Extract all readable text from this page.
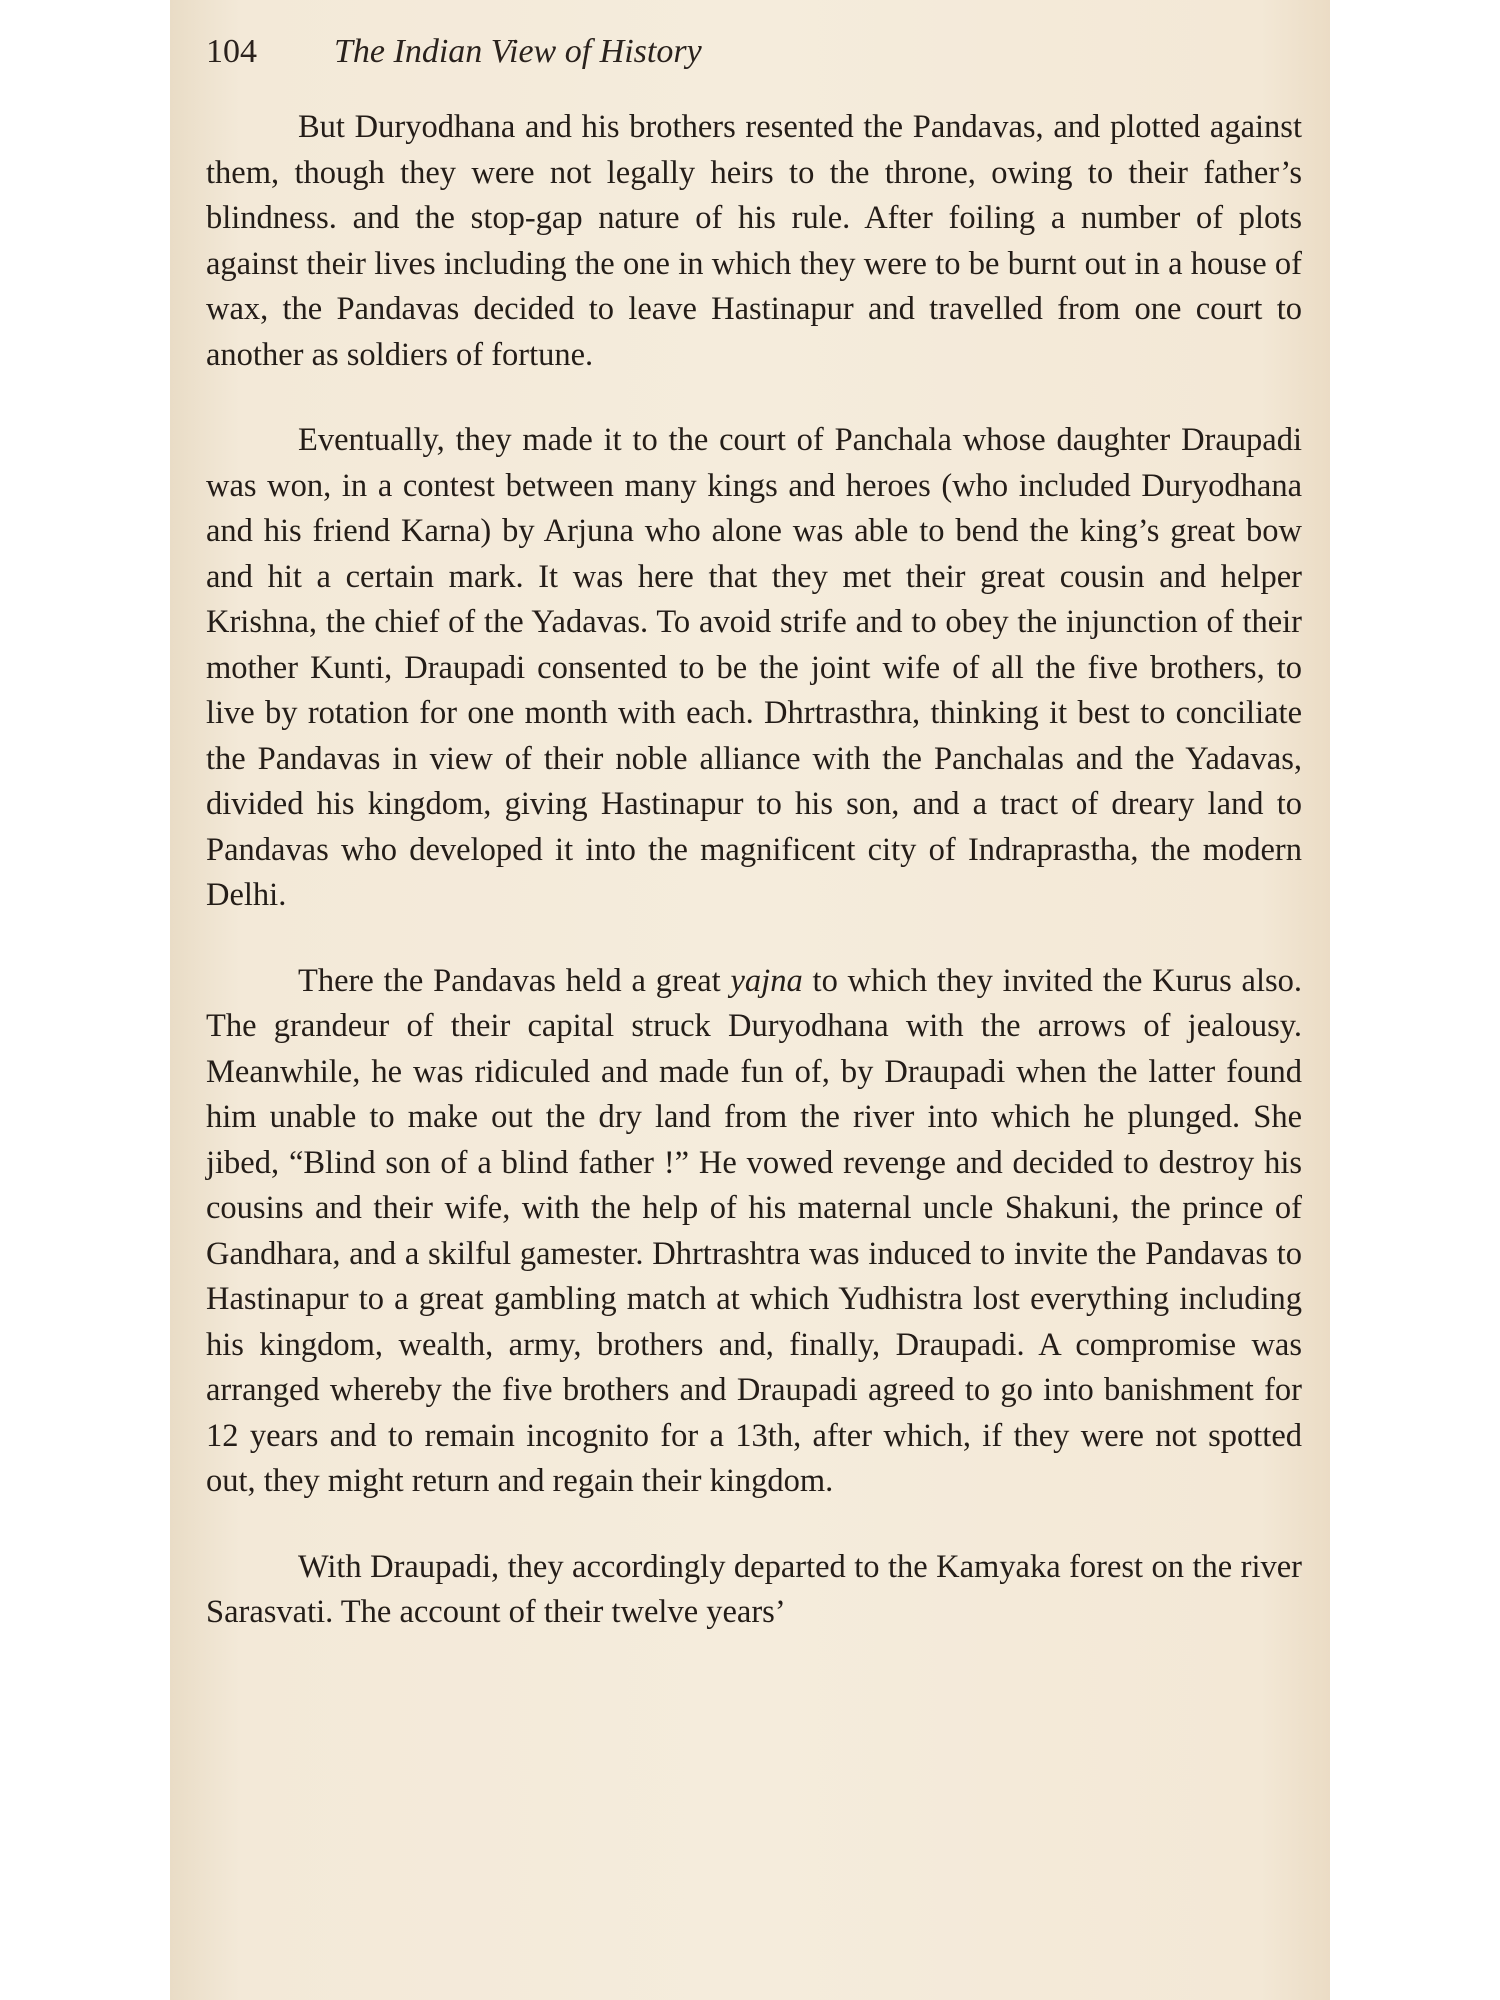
104 The Indian View of History

But Duryodhana and his brothers resented the Pandavas, and plotted against them, though they were not legally heirs to the throne, owing to their father’s blindness. and the stop-gap nature of his rule. After foiling a number of plots against their lives including the one in which they were to be burnt out in a house of wax, the Pandavas decided to leave Hastinapur and travelled from one court to another as soldiers of fortune.

Eventually, they made it to the court of Panchala whose daughter Draupadi was won, in a contest between many kings and heroes (who included Duryodhana and his friend Karna) by Arjuna who alone was able to bend the king’s great bow and hit a certain mark. It was here that they met their great cousin and helper Krishna, the chief of the Yadavas. To avoid strife and to obey the injunction of their mother Kunti, Draupadi consented to be the joint wife of all the five brothers, to live by rotation for one month with each. Dhrtrasthra, thinking it best to conciliate the Pandavas in view of their noble alliance with the Panchalas and the Yadavas, divided his kingdom, giving Hastinapur to his son, and a tract of dreary land to Pandavas who developed it into the magnificent city of Indraprastha, the modern Delhi.

There the Pandavas held a great yajna to which they invited the Kurus also. The grandeur of their capital struck Duryodhana with the arrows of jealousy. Meanwhile, he was ridiculed and made fun of, by Draupadi when the latter found him unable to make out the dry land from the river into which he plunged. She jibed, “Blind son of a blind father !” He vowed revenge and decided to destroy his cousins and their wife, with the help of his maternal uncle Shakuni, the prince of Gandhara, and a skilful gamester. Dhrtrashtra was induced to invite the Pandavas to Hastinapur to a great gambling match at which Yudhistra lost everything including his kingdom, wealth, army, brothers and, finally, Draupadi. A compromise was arranged whereby the five brothers and Draupadi agreed to go into banishment for 12 years and to remain incognito for a 13th, after which, if they were not spotted out, they might return and regain their kingdom.

With Draupadi, they accordingly departed to the Kamyaka forest on the river Sarasvati. The account of their twelve years’
